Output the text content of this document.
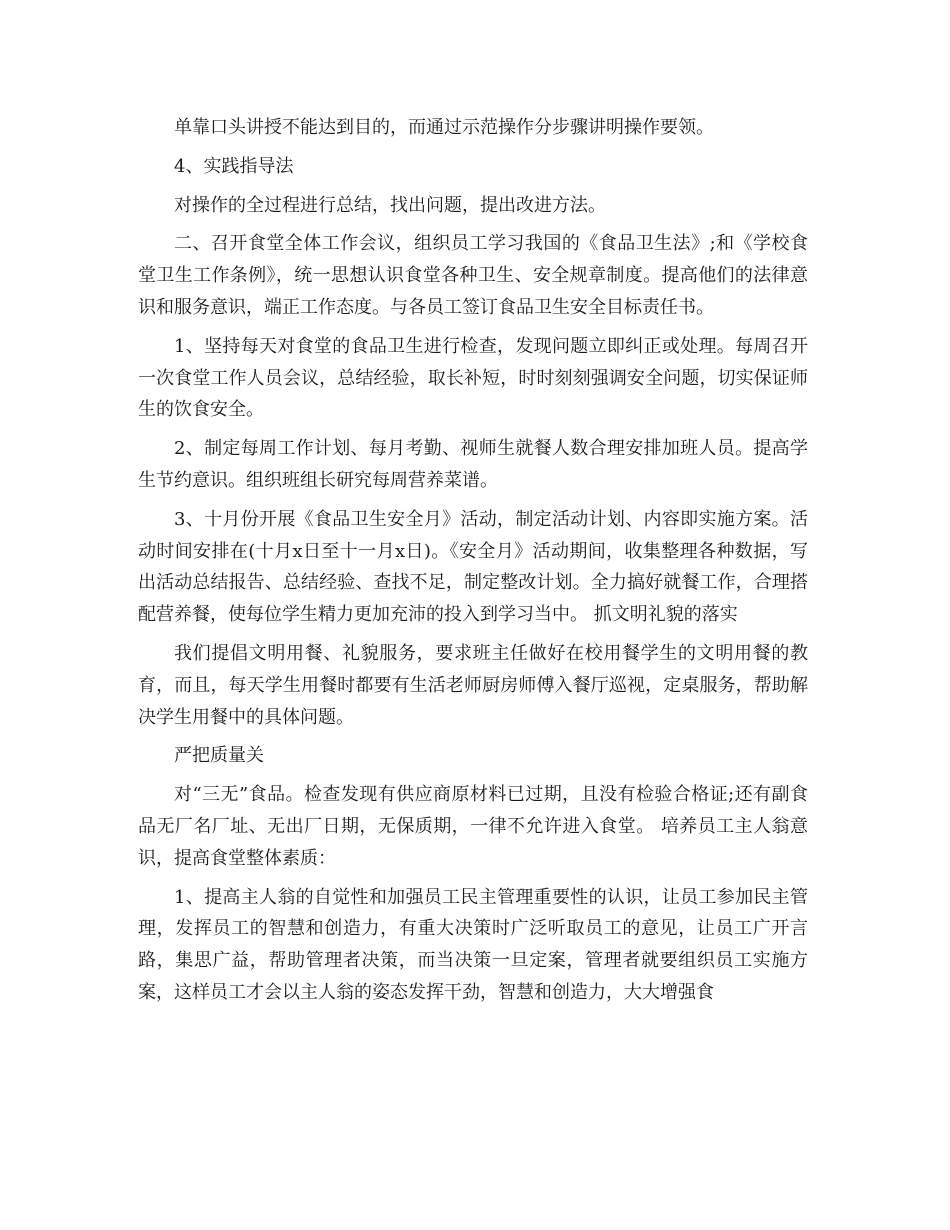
单靠口头讲授不能达到目的，而通过示范操作分步骤讲明操作要领。

4、实践指导法

对操作的全过程进行总结，找出问题，提出改进方法。

二、召开食堂全体工作会议，组织员工学习我国的《食品卫生法》;和《学校食堂卫生工作条例》，统一思想认识食堂各种卫生、安全规章制度。提高他们的法律意识和服务意识，端正工作态度。与各员工签订食品卫生安全目标责任书。

1、坚持每天对食堂的食品卫生进行检查，发现问题立即纠正或处理。每周召开一次食堂工作人员会议，总结经验，取长补短，时时刻刻强调安全问题，切实保证师生的饮食安全。

2、制定每周工作计划、每月考勤、视师生就餐人数合理安排加班人员。提高学生节约意识。组织班组长研究每周营养菜谱。

3、十月份开展《食品卫生安全月》活动，制定活动计划、内容即实施方案。活动时间安排在(十月x日至十一月x日)。《安全月》活动期间，收集整理各种数据，写出活动总结报告、总结经验、查找不足，制定整改计划。全力搞好就餐工作，合理搭配营养餐，使每位学生精力更加充沛的投入到学习当中。 抓文明礼貌的落实

我们提倡文明用餐、礼貌服务，要求班主任做好在校用餐学生的文明用餐的教育，而且，每天学生用餐时都要有生活老师厨房师傅入餐厅巡视，定桌服务，帮助解决学生用餐中的具体问题。

严把质量关

对“三无”食品。检查发现有供应商原材料已过期，且没有检验合格证;还有副食品无厂名厂址、无出厂日期，无保质期，一律不允许进入食堂。 培养员工主人翁意识，提高食堂整体素质：

1、提高主人翁的自觉性和加强员工民主管理重要性的认识，让员工参加民主管理，发挥员工的智慧和创造力，有重大决策时广泛听取员工的意见，让员工广开言路，集思广益，帮助管理者决策，而当决策一旦定案，管理者就要组织员工实施方案，这样员工才会以主人翁的姿态发挥干劲，智慧和创造力，大大增强食
